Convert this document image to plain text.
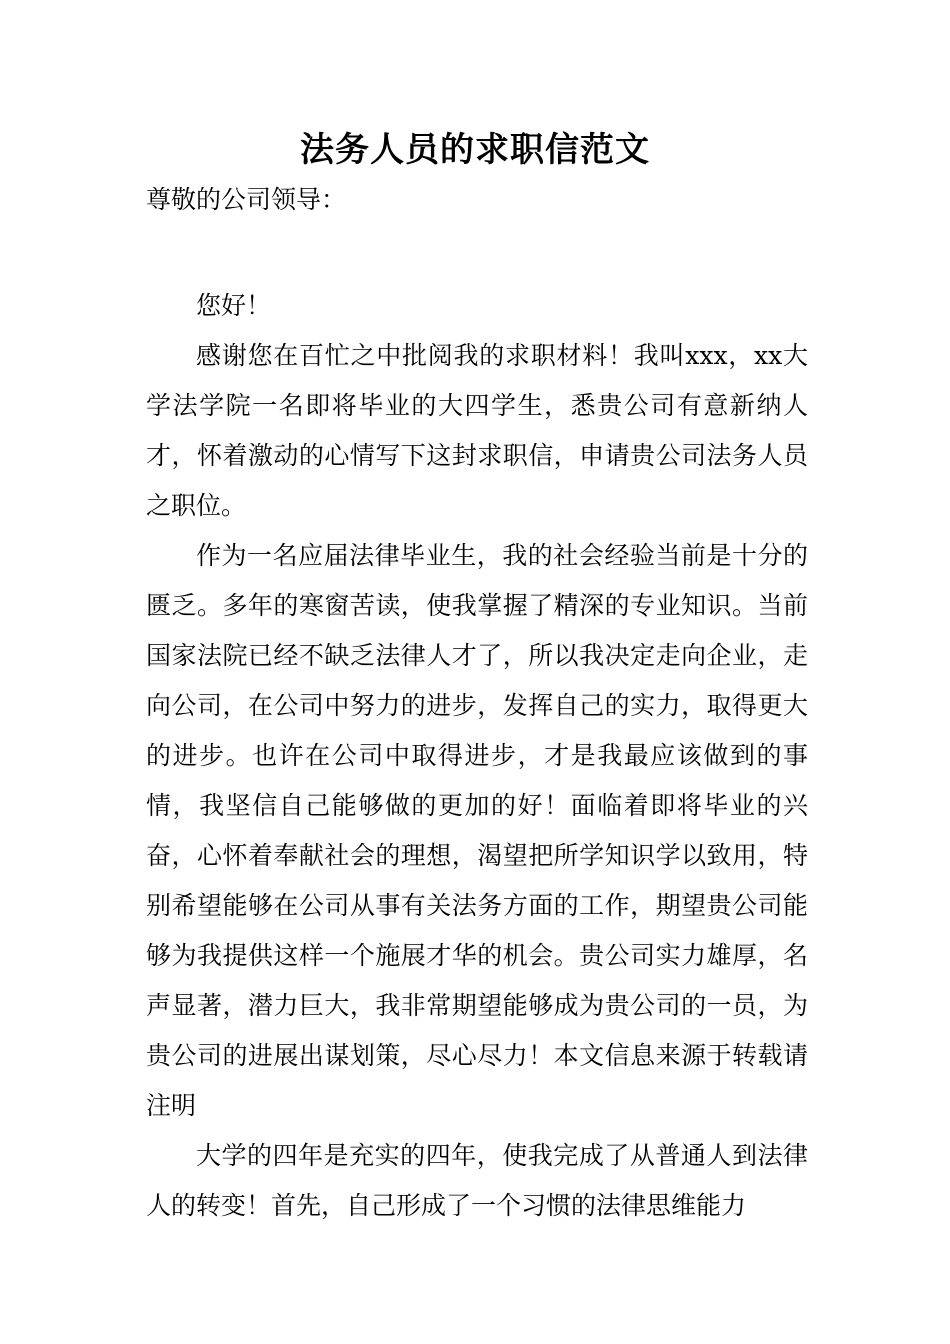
法务人员的求职信范文
尊敬的公司领导：

您好！

感谢您在百忙之中批阅我的求职材料！我叫xxx，xx大学法学院一名即将毕业的大四学生，悉贵公司有意新纳人才，怀着激动的心情写下这封求职信，申请贵公司法务人员之职位。

作为一名应届法律毕业生，我的社会经验当前是十分的匮乏。多年的寒窗苦读，使我掌握了精深的专业知识。当前国家法院已经不缺乏法律人才了，所以我决定走向企业，走向公司，在公司中努力的进步，发挥自己的实力，取得更大的进步。也许在公司中取得进步，才是我最应该做到的事情，我坚信自己能够做的更加的好！面临着即将毕业的兴奋，心怀着奉献社会的理想，渴望把所学知识学以致用，特别希望能够在公司从事有关法务方面的工作，期望贵公司能够为我提供这样一个施展才华的机会。贵公司实力雄厚，名声显著，潜力巨大，我非常期望能够成为贵公司的一员，为贵公司的进展出谋划策，尽心尽力！本文信息来源于转载请注明

大学的四年是充实的四年，使我完成了从普通人到法律人的转变！首先，自己形成了一个习惯的法律思维能力
